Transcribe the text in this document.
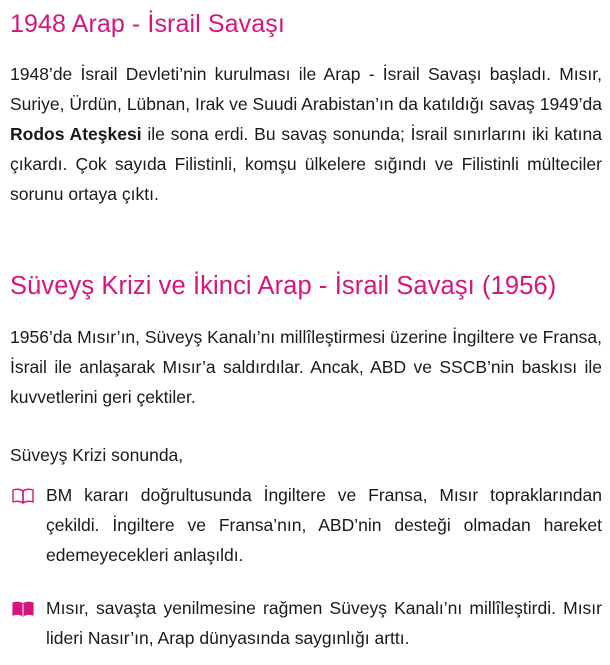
1948 Arap - İsrail Savaşı

1948’de İsrail Devleti’nin kurulması ile Arap - İsrail Savaşı başladı. Mısır, Suriye, Ürdün, Lübnan, Irak ve Suudi Arabistan’ın da katıldığı savaş 1949’da Rodos Ateşkesi ile sona erdi. Bu savaş sonunda; İsrail sınırlarını iki katına çıkardı. Çok sayıda Filistinli, komşu ülkelere sığındı ve Filistinli mülteciler sorunu ortaya çıktı.

Süveyş Krizi ve İkinci Arap - İsrail Savaşı (1956)

1956’da Mısır’ın, Süveyş Kanalı’nı millîleştirmesi üzerine İngiltere ve Fransa, İsrail ile anlaşarak Mısır’a saldırdılar. Ancak, ABD ve SSCB’nin baskısı ile kuvvetlerini geri çektiler.

Süveyş Krizi sonunda,

BM kararı doğrultusunda İngiltere ve Fransa, Mısır topraklarından çekildi. İngiltere ve Fransa’nın, ABD’nin desteği olmadan hareket edemeyecekleri anlaşıldı.
Mısır, savaşta yenilmesine rağmen Süveyş Kanalı’nı millîleştirdi. Mısır lideri Nasır’ın, Arap dünyasında saygınlığı arttı.
